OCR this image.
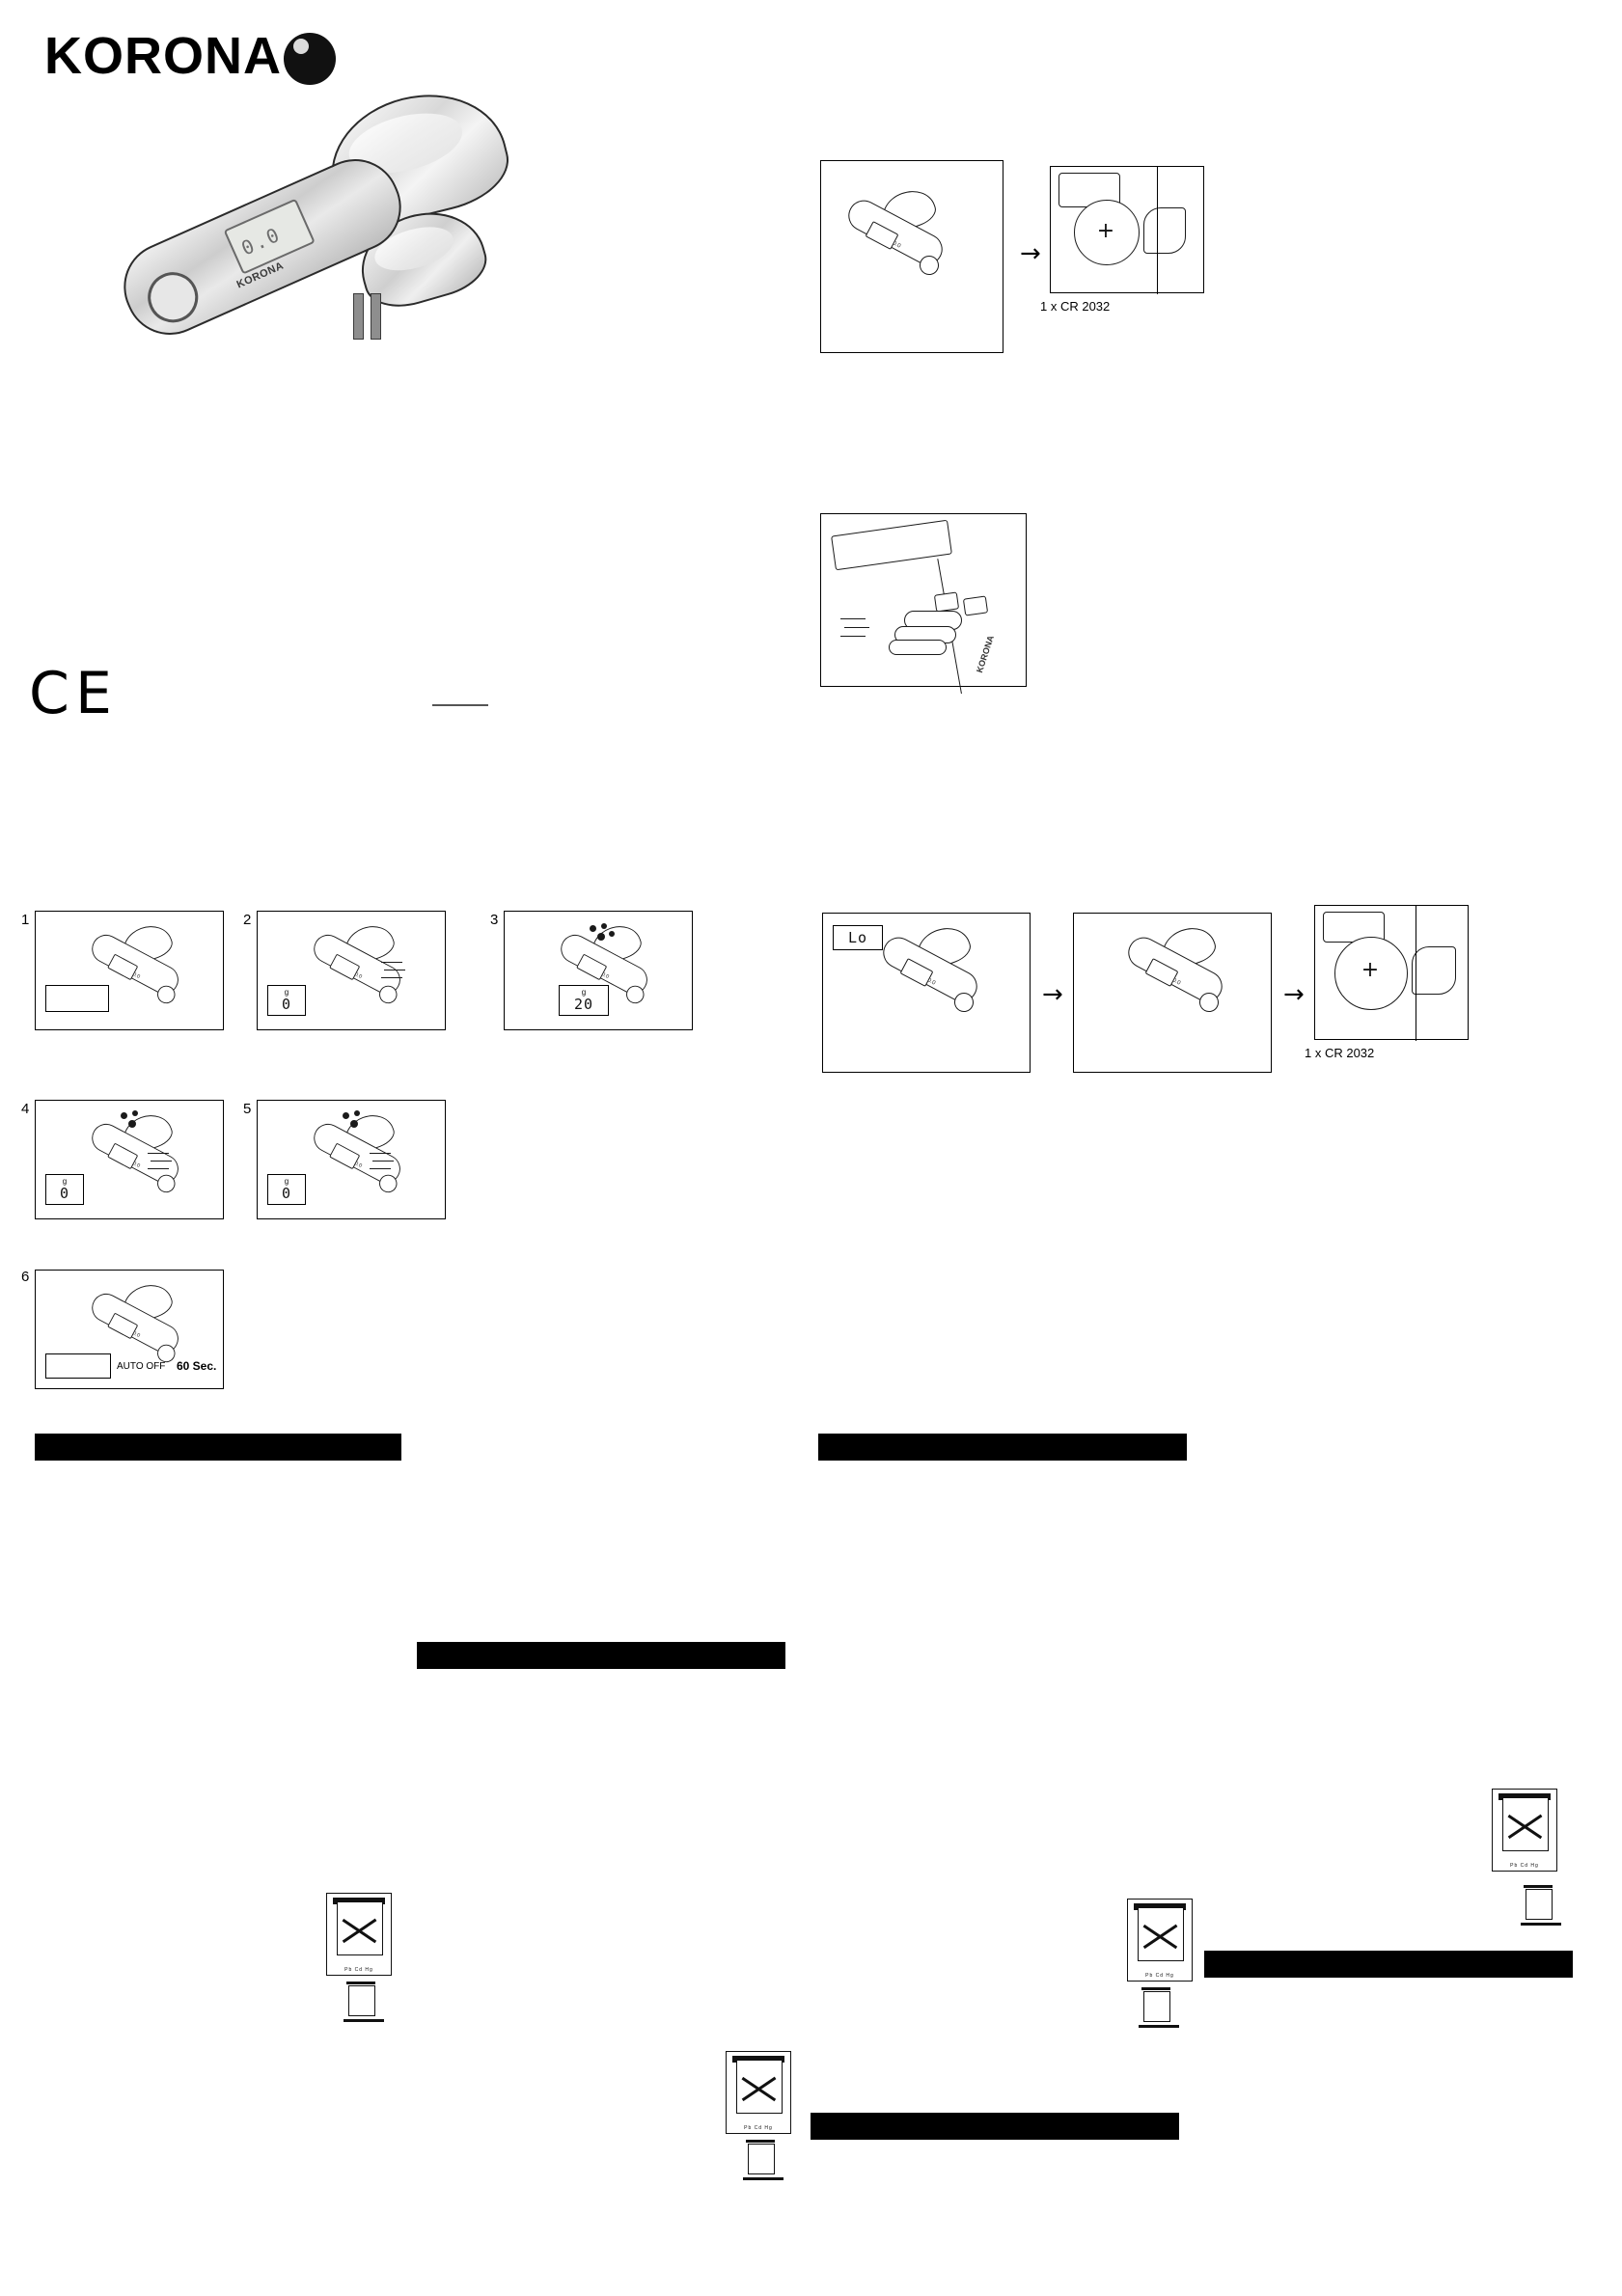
KORONA
0.0
KORONA
C E
0.0	→
+
1 x CR 2032
KORONA
1
0.0
2
0.0
g
0
3
0.0
g
20
4
0.0
g
0
5
0.0
g
0
6
0.0
AUTO OFF 60 Sec.
Lo
0.0	→	0.0	→
+
1 x CR 2032
Pb Cd Hg
Pb Cd Hg
Pb Cd Hg
Pb Cd Hg
